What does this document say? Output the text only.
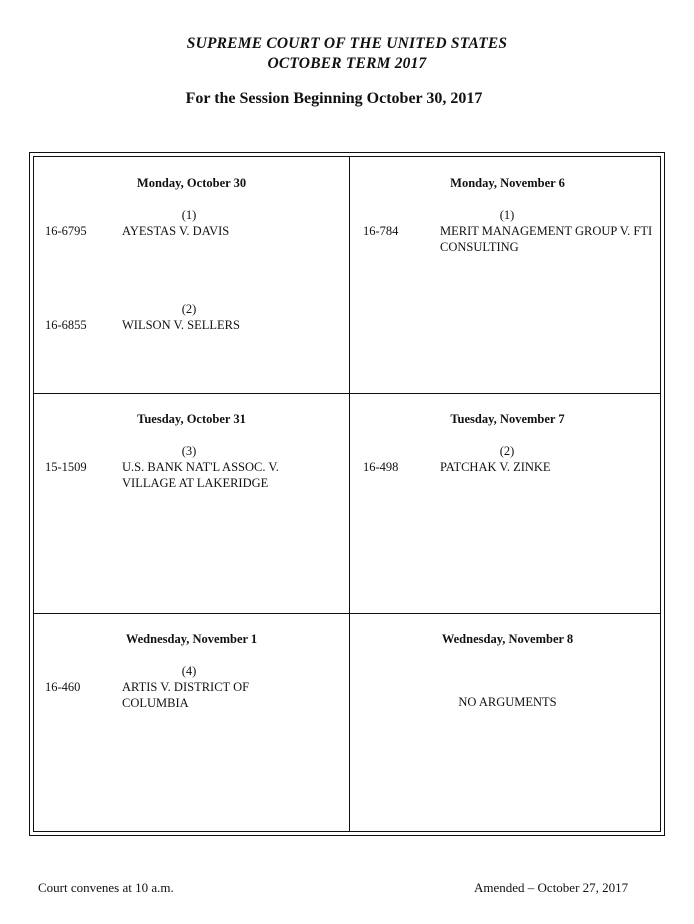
SUPREME COURT OF THE UNITED STATES
OCTOBER TERM 2017
For the Session Beginning October 30, 2017
Monday, October 30
(1)
16-6795	AYESTAS V. DAVIS
(2)
16-6855	WILSON V. SELLERS
Monday, November 6
(1)
16-784	MERIT MANAGEMENT GROUP V. FTI CONSULTING
Tuesday, October 31
(3)
15-1509	U.S. BANK NAT'L ASSOC. V. VILLAGE AT LAKERIDGE
Tuesday, November 7
(2)
16-498	PATCHAK V. ZINKE
Wednesday, November 1
(4)
16-460	ARTIS V. DISTRICT OF COLUMBIA
Wednesday, November 8
NO ARGUMENTS
Court convenes at 10 a.m.	Amended – October 27, 2017
